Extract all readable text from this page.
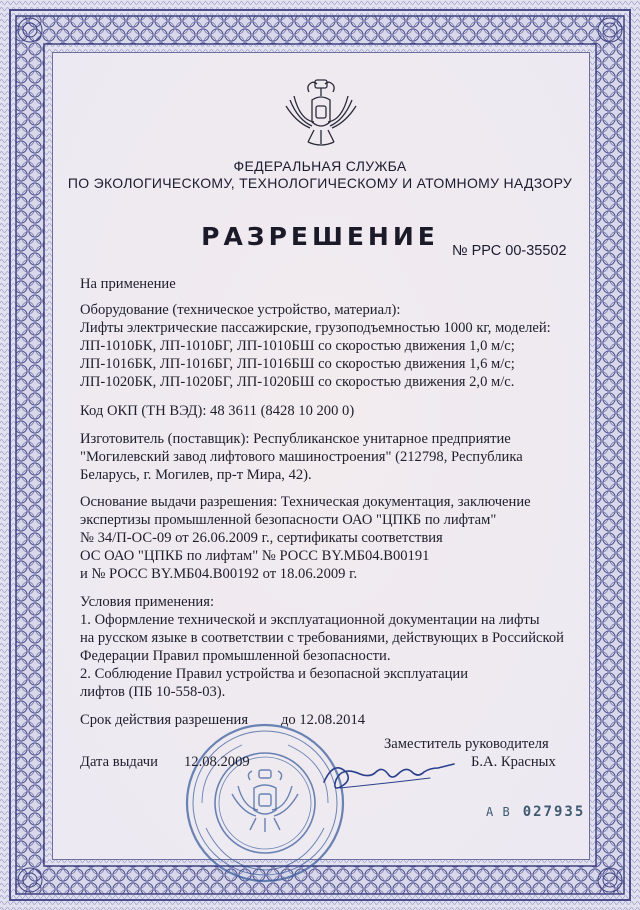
ФЕДЕРАЛЬНАЯ СЛУЖБА
ПО ЭКОЛОГИЧЕСКОМУ, ТЕХНОЛОГИЧЕСКОМУ И АТОМНОМУ НАДЗОРУ
РАЗРЕШЕНИЕ № РРС 00-35502
На применение
Оборудование (техническое устройство, материал):
Лифты электрические пассажирские, грузоподъемностью 1000 кг, моделей:
ЛП-1010БК, ЛП-1010БГ, ЛП-1010БШ со скоростью движения 1,0 м/с;
ЛП-1016БК, ЛП-1016БГ, ЛП-1016БШ со скоростью движения 1,6 м/с;
ЛП-1020БК, ЛП-1020БГ, ЛП-1020БШ со скоростью движения 2,0 м/с.
Код ОКП (ТН ВЭД): 48 3611 (8428 10 200 0)
Изготовитель (поставщик): Республиканское унитарное предприятие
"Могилевский завод лифтового машиностроения" (212798, Республика
Беларусь, г. Могилев, пр-т Мира, 42).
Основание выдачи разрешения: Техническая документация, заключение
экспертизы промышленной безопасности ОАО "ЦПКБ по лифтам"
№ 34/П-ОС-09 от 26.06.2009 г., сертификаты соответствия
ОС ОАО "ЦПКБ по лифтам" № РОСС BY.МБ04.В00191
и № РОСС BY.МБ04.В00192 от 18.06.2009 г.
Условия применения:
1. Оформление технической и эксплуатационной документации на лифты
на русском языке в соответствии с требованиями, действующих в Российской
Федерации Правил промышленной безопасности.
2. Соблюдение Правил устройства и безопасной эксплуатации
лифтов (ПБ 10-558-03).
Срок действия разрешения до 12.08.2014
Заместитель руководителя
Дата выдачи 12.08.2009	Б.А. Красных
А В 027935
